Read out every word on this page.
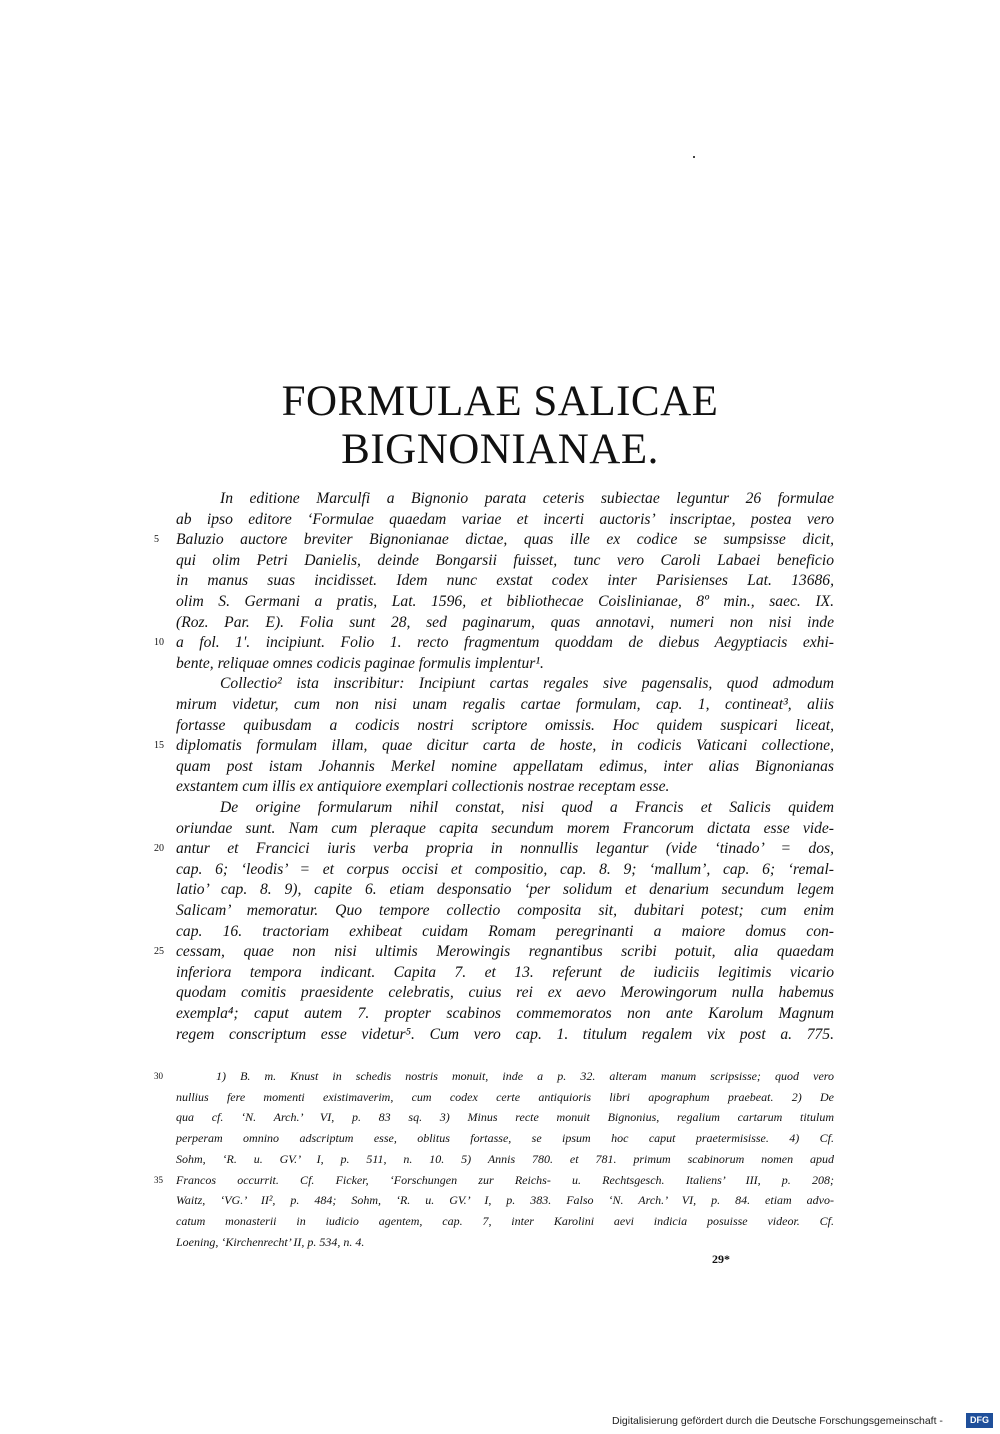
FORMULAE SALICAE
BIGNONIANAE.
In editione Marculfi a Bignonio parata ceteris subiectae leguntur 26 formulae
ab ipso editore ‘Formulae quaedam variae et incerti auctoris’ inscriptae, postea vero
Baluzio auctore breviter Bignonianae dictae, quas ille ex codice se sumpsisse dicit,
qui olim Petri Danielis, deinde Bongarsii fuisset, tunc vero Caroli Labaei beneficio
in manus suas incidisset. Idem nunc exstat codex inter Parisienses Lat. 13686,
olim S. Germani a pratis, Lat. 1596, et bibliothecae Coislinianae, 8º min., saec. IX.
(Roz. Par. E). Folia sunt 28, sed paginarum, quas annotavi, numeri non nisi inde
a fol. 1'. incipiunt. Folio 1. recto fragmentum quoddam de diebus Aegyptiacis exhi-
bente, reliquae omnes codicis paginae formulis implentur¹.
Collectio² ista inscribitur: Incipiunt cartas regales sive pagensalis, quod admodum
mirum videtur, cum non nisi unam regalis cartae formulam, cap. 1, contineat³, aliis
fortasse quibusdam a codicis nostri scriptore omissis. Hoc quidem suspicari liceat,
diplomatis formulam illam, quae dicitur carta de hoste, in codicis Vaticani collectione,
quam post istam Johannis Merkel nomine appellatam edimus, inter alias Bignonianas
exstantem cum illis ex antiquiore exemplari collectionis nostrae receptam esse.
De origine formularum nihil constat, nisi quod a Francis et Salicis quidem
oriundae sunt. Nam cum pleraque capita secundum morem Francorum dictata esse vide-
antur et Francici iuris verba propria in nonnullis legantur (vide ‘tinado’ = dos,
cap. 6; ‘leodis’ = et corpus occisi et compositio, cap. 8. 9; ‘mallum’, cap. 6; ‘remal-
latio’ cap. 8. 9), capite 6. etiam desponsatio ‘per solidum et denarium secundum legem
Salicam’ memoratur. Quo tempore collectio composita sit, dubitari potest; cum enim
cap. 16. tractoriam exhibeat cuidam Romam peregrinanti a maiore domus con-
cessam, quae non nisi ultimis Merowingis regnantibus scribi potuit, alia quaedam
inferiora tempora indicant. Capita 7. et 13. referunt de iudiciis legitimis vicario
quodam comitis praesidente celebratis, cuius rei ex aevo Merowingorum nulla habemus
exempla⁴; caput autem 7. propter scabinos commemoratos non ante Karolum Magnum
regem conscriptum esse videtur⁵. Cum vero cap. 1. titulum regalem vix post a. 775.
5
10
15
20
25
1) B. m. Knust in schedis nostris monuit, inde a p. 32. alteram manum scripsisse; quod vero
nullius fere momenti existimaverim, cum codex certe antiquioris libri apographum praebeat. 2) De
qua cf. ‘N. Arch.’ VI, p. 83 sq. 3) Minus recte monuit Bignonius, regalium cartarum titulum
perperam omnino adscriptum esse, oblitus fortasse, se ipsum hoc caput praetermisisse. 4) Cf.
Sohm, ‘R. u. GV.’ I, p. 511, n. 10. 5) Annis 780. et 781. primum scabinorum nomen apud
Francos occurrit. Cf. Ficker, ‘Forschungen zur Reichs- u. Rechtsgesch. Italiens’ III, p. 208;
Waitz, ‘VG.’ II², p. 484; Sohm, ‘R. u. GV.’ I, p. 383. Falso ‘N. Arch.’ VI, p. 84. etiam advo-
catum monasterii in iudicio agentem, cap. 7, inter Karolini aevi indicia posuisse videor. Cf.
Loening, ‘Kirchenrecht’ II, p. 534, n. 4.
30
35
29*
Digitalisierung gefördert durch die Deutsche Forschungsgemeinschaft -	DFG
